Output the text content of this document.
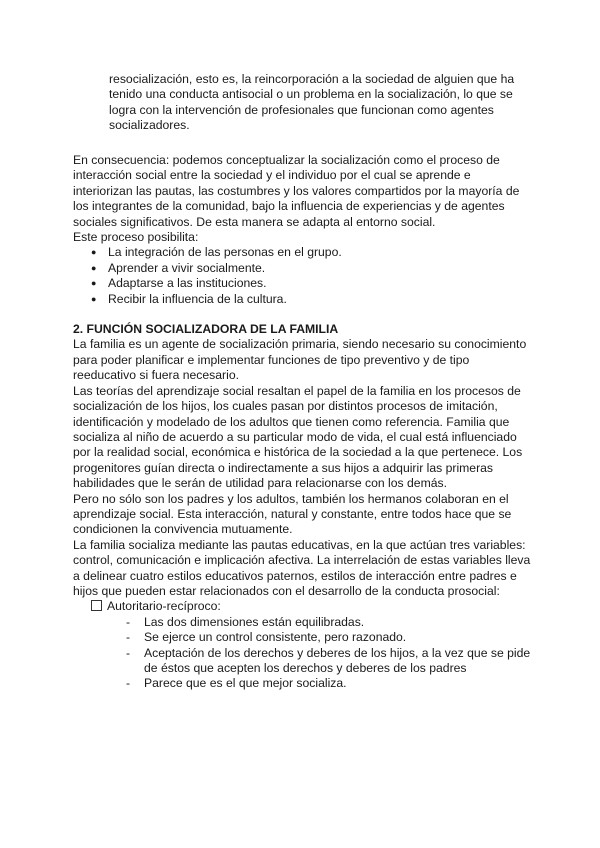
resocialización, esto es, la reincorporación a la sociedad de alguien que ha tenido una conducta antisocial o un problema en la socialización, lo que se logra con la intervención de profesionales que funcionan como agentes socializadores.

En consecuencia: podemos conceptualizar la socialización como el proceso de interacción social entre la sociedad y el individuo por el cual se aprende e interiorizan las pautas, las costumbres y los valores compartidos por la mayoría de los integrantes de la comunidad, bajo la influencia de experiencias y de agentes sociales significativos. De esta manera se adapta al entorno social.

Este proceso posibilita:

● La integración de las personas en el grupo.
● Aprender a vivir socialmente.
● Adaptarse a las instituciones.
● Recibir la influencia de la cultura.
2. FUNCIÓN SOCIALIZADORA DE LA FAMILIA

La familia es un agente de socialización primaria, siendo necesario su conocimiento para poder planificar e implementar funciones de tipo preventivo y de tipo reeducativo si fuera necesario.

Las teorías del aprendizaje social resaltan el papel de la familia en los procesos de socialización de los hijos, los cuales pasan por distintos procesos de imitación, identificación y modelado de los adultos que tienen como referencia. Familia que socializa al niño de acuerdo a su particular modo de vida, el cual está influenciado por la realidad social, económica e histórica de la sociedad a la que pertenece. Los progenitores guían directa o indirectamente a sus hijos a adquirir las primeras habilidades que le serán de utilidad para relacionarse con los demás.

Pero no sólo son los padres y los adultos, también los hermanos colaboran en el aprendizaje social. Esta interacción, natural y constante, entre todos hace que se condicionen la convivencia mutuamente.

La familia socializa mediante las pautas educativas, en la que actúan tres variables: control, comunicación e implicación afectiva. La interrelación de estas variables lleva a delinear cuatro estilos educativos paternos, estilos de interacción entre padres e hijos que pueden estar relacionados con el desarrollo de la conducta prosocial:

Autoritario-recíproco:
- Las dos dimensiones están equilibradas.
- Se ejerce un control consistente, pero razonado.
- Aceptación de los derechos y deberes de los hijos, a la vez que se pide de éstos que acepten los derechos y deberes de los padres
- Parece que es el que mejor socializa.
